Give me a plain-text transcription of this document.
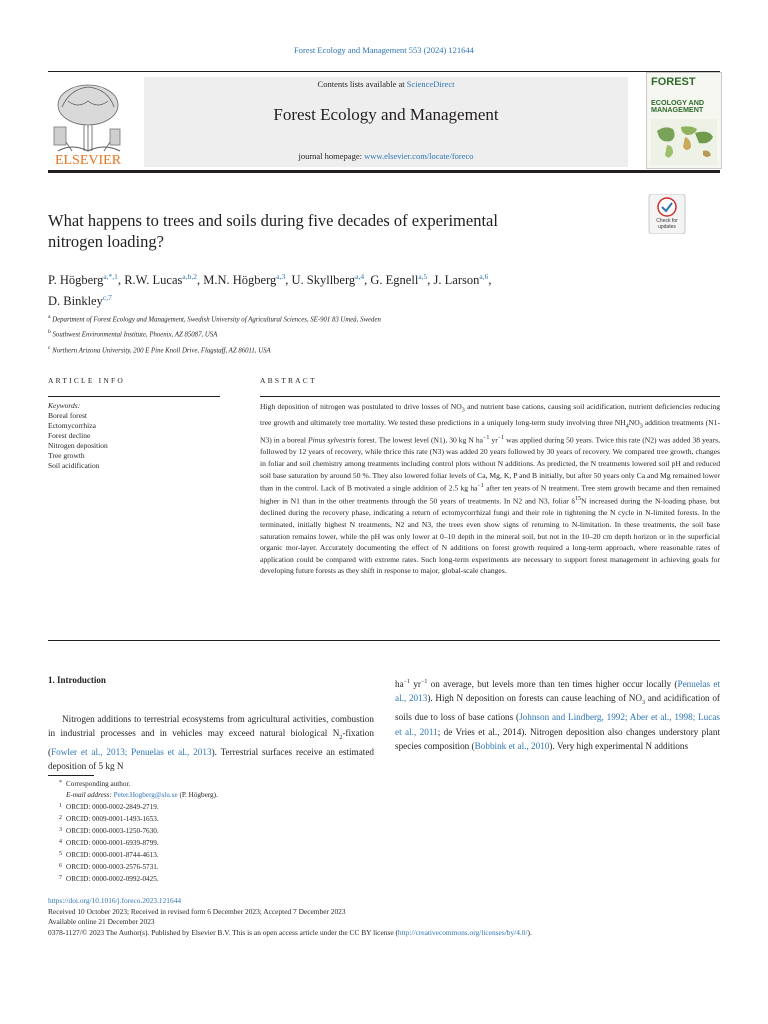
Forest Ecology and Management 553 (2024) 121644
ELSEVIER
Contents lists available at ScienceDirect
Forest Ecology and Management
journal homepage: www.elsevier.com/locate/foreco
FOREST
ECOLOGY AND
MANAGEMENT
What happens to trees and soils during five decades of experimental
nitrogen loading?
Check for
updates
P. Högberg$^{a,*,1}$, R.W. Lucas$^{a,b,2}$, M.N. Högberg$^{a,3}$, U. Skyllberg$^{a,4}$, G. Egnell$^{a,5}$, J. Larson$^{a,6}$,
D. Binkley$^{c,7}$
$^a$ Department of Forest Ecology and Management, Swedish University of Agricultural Sciences, SE-901 83 Umeå, Sweden
$^b$ Southwest Environmental Institute, Phoenix, AZ 85087, USA
$^c$ Northern Arizona University, 200 E Pine Knoll Drive, Flagstaff, AZ 86011, USA
ARTICLE INFO
Keywords:
Boreal forest
Ectomycorrhiza
Forest decline
Nitrogen deposition
Tree growth
Soil acidification
ABSTRACT
High deposition of nitrogen was postulated to drive losses of $NO_3$ and nutrient base cations, causing soil acidification, nutrient deficiencies reducing tree growth and ultimately tree mortality. We tested these predictions in a uniquely long-term study involving three $NH_4NO_3$ addition treatments (N1-N3) in a boreal Pinus sylvestris forest. The lowest level (N1), 30 kg N $ha^{-1}$ $yr^{-1}$ was applied during 50 years. Twice this rate (N2) was added 38 years, followed by 12 years of recovery, while thrice this rate (N3) was added 20 years followed by 30 years of recovery. We compared tree growth, changes in foliar and soil chemistry among treatments including control plots without N additions. As predicted, the N treatments lowered soil pH and reduced soil base saturation by around 50 %. They also lowered foliar levels of Ca, Mg, K, P and B initially, but after 50 years only Ca and Mg remained lower than in the control. Lack of B motivated a single addition of 2.5 kg $ha^{-1}$ after ten years of N treatment. Tree stem growth became and then remained higher in N1 than in the other treatments through the 50 years of treatments. In N2 and N3, foliar $\delta^{15}N$ increased during the N-loading phase, but declined during the recovery phase, indicating a return of ectomycorrhizal fungi and their role in tightening the N cycle in N-limited forests. In the terminated, initially highest N treatments, N2 and N3, the trees even show signs of returning to N-limitation. In these treatments, the soil base saturation remains lower, while the pH was only lower at 0–10 depth in the mineral soil, but not in the 10–20 cm depth horizon or in the superficial organic mor-layer. Accurately documenting the effect of N additions on forest growth required a long-term approach, where reasonable rates of application could be compared with extreme rates. Such long-term experiments are necessary to support forest management in achieving goals for developing future forests as they shift in response to major, global-scale changes.
1. Introduction
Nitrogen additions to terrestrial ecosystems from agricultural activities, combustion in industrial processes and in vehicles may exceed natural biological $N_2$-fixation (Fowler et al., 2013; Penuelas et al., 2013). Terrestrial surfaces receive an estimated deposition of 5 kg N
$ha^{-1}$ $yr^{-1}$ on average, but levels more than ten times higher occur locally (Penuelas et al., 2013). High N deposition on forests can cause leaching of $NO_3$ and acidification of soils due to loss of base cations (Johnson and Lindberg, 1992; Aber et al., 1998; Lucas et al., 2011; de Vries et al., 2014). Nitrogen deposition also changes understory plant species composition (Bobbink et al., 2010). Very high experimental N additions
* Corresponding author.
E-mail address: Peter.Hogberg@slu.se (P. Högberg).
1 ORCID: 0000-0002-2849-2719.
2 ORCID: 0009-0001-1493-1653.
3 ORCID: 0000-0003-1250-7630.
4 ORCID: 0000-0001-6939-8799.
5 ORCID: 0000-0001-8744-4613.
6 ORCID: 0000-0003-2576-5731.
7 ORCID: 0000-0002-0992-0425.
https://doi.org/10.1016/j.foreco.2023.121644
Received 10 October 2023; Received in revised form 6 December 2023; Accepted 7 December 2023
Available online 21 December 2023
0378-1127/© 2023 The Author(s). Published by Elsevier B.V. This is an open access article under the CC BY license (http://creativecommons.org/licenses/by/4.0/).
